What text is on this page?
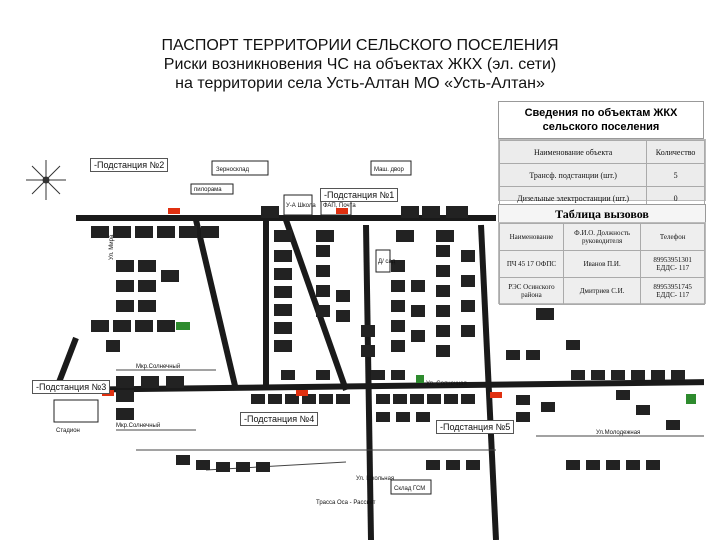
ПАСПОРТ ТЕРРИТОРИИ СЕЛЬСКОГО ПОСЕЛЕНИЯ
Риски возникновения ЧС на объектах ЖКХ (эл. сети)
на территории села Усть-Алтан МО «Усть-Алтан»
Зерносклад	Маш. двор
пилорама
У-А Школа ФАП, Почта
Д/ сад
Стадион
Склад ГСМ
Мкр.Солнечный
Мкр.Солнечный
Ул. Солнечная
Ул.Молодежная
Трасса Оса - Рассвет
Ул. Мира
Ул. Школьная
-Подстанция №2
-Подстанция №1
-Подстанция №3
-Подстанция №4
-Подстанция №5
Сведения по объектам ЖКХ сельского поселения
Наименование объекта	Количество
Трансф. подстанции (шт.)	5
Дизельные электростанции (шт.)	0
Таблица вызовов
Наименование	Ф.И.О. Должность руководителя	Телефон
ПЧ 45 17 ОФПС	Иванов П.И.	89953951301 ЕДДС- 117
РЭС Осинского района	Дмитриев С.И.	89953951745 ЕДДС- 117
